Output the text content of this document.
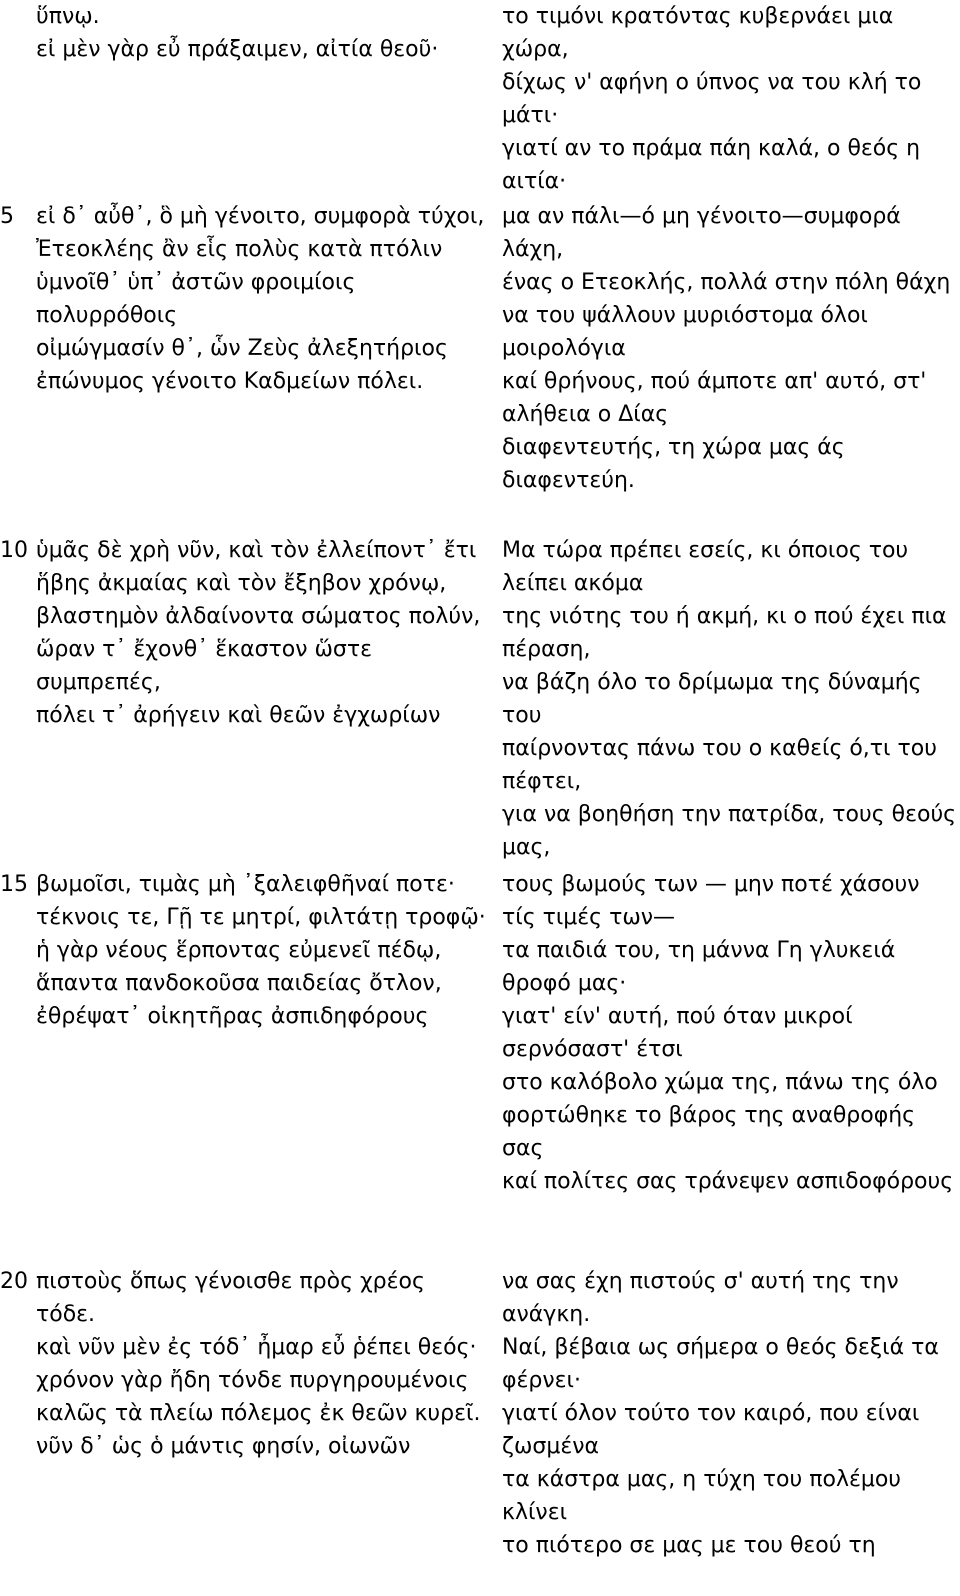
ὕπνῳ.
εἰ μὲν γὰρ εὖ πράξαιμεν, αἰτία θεοῦ·
το τιμόνι κρατόντας κυβερνάει μια χώρα,
δίχως ν' αφήνη ο ύπνος να του κλή το μάτι·
γιατί αν το πράμα πάη καλά, ο θεός η αιτία·
5	εἰ δ᾽ αὖθ᾽, ὃ μὴ γένοιτο, συμφορὰ τύχοι,
Ἐτεοκλέης ἂν εἷς πολὺς κατὰ πτόλιν
ὑμνοῖθ᾽ ὑπ᾽ ἀστῶν φροιμίοις πολυρρόθοις
οἰμώγμασίν θ᾽, ὧν Ζεὺς ἀλεξητήριος
ἐπώνυμος γένοιτο Καδμείων πόλει.
μα αν πάλι—ό μη γένοιτο—συμφορά λάχη,
ένας ο Ετεοκλής, πολλά στην πόλη θάχη
να του ψάλλουν μυριόστομα όλοι μοιρολόγια
καί θρήνους, πού άμποτε απ' αυτό, στ' αλήθεια ο Δίας
διαφεντευτής, τη χώρα μας άς διαφεντεύη.
10 ὑμᾶς δὲ χρὴ νῦν, καὶ τὸν ἐλλείποντ᾽ ἔτι
ἥβης ἀκμαίας καὶ τὸν ἔξηβον χρόνῳ,
βλαστημὸν ἀλδαίνοντα σώματος πολύν,
ὥραν τ᾽ ἔχονθ᾽ ἕκαστον ὥστε συμπρεπές,
πόλει τ᾽ ἀρήγειν καὶ θεῶν ἐγχωρίων
Μα τώρα πρέπει εσείς, κι όποιος του λείπει ακόμα
της νιότης του ή ακμή, κι ο πού έχει πια πέραση,
να βάζη όλο το δρίμωμα της δύναμής του
παίρνοντας πάνω του ο καθείς ό,τι του πέφτει,
για να βοηθήση την πατρίδα, τους θεούς μας,
15 βωμοῖσι, τιμὰς μὴ ᾿ξαλειφθῆναί ποτε·
τέκνοις τε, Γῇ τε μητρί, φιλτάτῃ τροφῷ·
ἡ γὰρ νέους ἕρποντας εὐμενεῖ πέδῳ,
ἅπαντα πανδοκοῦσα παιδείας ὄτλον,
ἐθρέψατ᾽ οἰκητῆρας ἀσπιδηφόρους
τους βωμούς των — μην ποτέ χάσουν τίς τιμές των—
τα παιδιά του, τη μάννα Γη γλυκειά θροφό μας·
γιατ' είν' αυτή, πού όταν μικροί σερνόσαστ' έτσι
στο καλόβολο χώμα της, πάνω της όλο
φορτώθηκε το βάρος της αναθροφής σας
καί πολίτες σας τράνεψεν ασπιδοφόρους
20 πιστοὺς ὅπως γένοισθε πρὸς χρέος τόδε.
καὶ νῦν μὲν ἐς τόδ᾽ ἦμαρ εὖ ῥέπει θεός·
χρόνον γὰρ ἤδη τόνδε πυργηρουμένοις
καλῶς τὰ πλείω πόλεμος ἐκ θεῶν κυρεῖ.
νῦν δ᾽ ὡς ὁ μάντις φησίν, οἰωνῶν
να σας έχη πιστούς σ' αυτή της την ανάγκη.
Ναί, βέβαια ως σήμερα ο θεός δεξιά τα φέρνει·
γιατί όλον τούτο τον καιρό, που είναι ζωσμένα
τα κάστρα μας, η τύχη του πολέμου κλίνει
το πιότερο σε μας με του θεού τη
